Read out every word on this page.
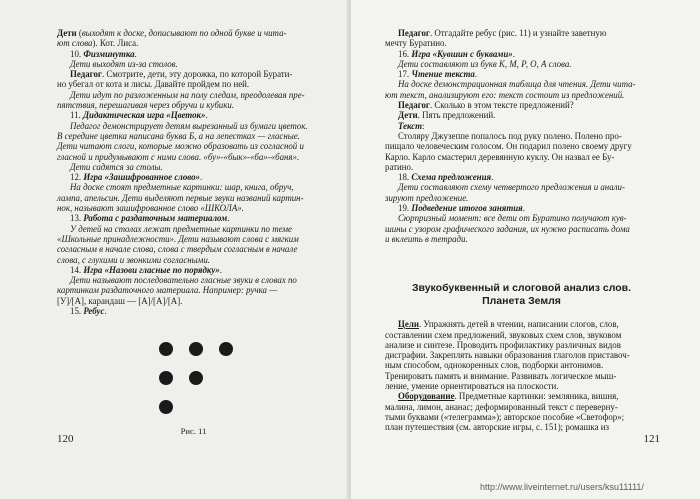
Дети (выходят к доске, дописывают по одной букве и чита-

ют слова). Кот. Лиса.

10. Физминутка.

Дети выходят из-за столов.

Педагог. Смотрите, дети, эту дорожка, по которой Бурати-

но убегал от кота и лисы. Давайте пройдем по ней.

Дети идут по разложенным на полу следам, преодолевая пре-

пятствия, перешагивая через обручи и кубики.

11. Дидактическая игра «Цветок».

Педагог демонстрирует детям вырезанный из бумаги цветок.

В середине цветка написана буква Б, а на лепестках — гласные.

Дети читают слоги, которые можно образовать из согласной и

гласной и придумывают с ними слова. «бу»-«бык»-«ба»-«баня».

Дети садятся за столы.

12. Игра «Зашифрованное слово».

На доске стоят предметные картинки: шар, книга, обруч,

лампа, апельсин. Дети выделяют первые звуки названий картин-

нок, называют зашифрованное слово «ШКОЛА».

13. Работа с раздаточным материалом.

У детей на столах лежат предметные картинки по теме

«Школьные принадлежности». Дети называют слова с мягким

согласным в начале слова, слова с твердым согласным в начале

слова, с глухими и звонкими согласными.

14. Игра «Назови гласные по порядку».

Дети называют последовательно гласные звуки в словах по

картинкам раздаточного материала. Например: ручка —

[У]/[А], карандаш — [А]/[А]/[А].

15. Ребус.

Рис. 11
120

Педагог. Отгадайте ребус (рис. 11) и узнайте заветную

мечту Буратино.

16. Игра «Кувшин с буквами».

Дети составляют из букв К, М, Р, О, А слова.

17. Чтение текста.

На доске демонстрационная таблица для чтения. Дети чита-

ют текст, анализируют его: текст состоит из предложений.

Педагог. Сколько в этом тексте предложений?

Дети. Пять предложений.

Текст:

Столяру Джузеппе попалось под руку полено. Полено про-

пищало человеческим голосом. Он подарил полено своему другу

Карло. Карло смастерил деревянную куклу. Он назвал ее Бу-

ратино.

18. Схема предложения.

Дети составляют схему четвертого предложения и анали-

зируют предложение.

19. Подведение итогов занятия.

Сюрпризный момент: все дети от Буратино получают кув-

шины с узором графического задания, их нужно расписать дома

и вклеить в тетради.

Звукобуквенный и слоговой анализ слов.
Планета Земля

Цели. Упражнять детей в чтении, написании слогов, слов,

составлении схем предложений, звуковых схем слов, звуковом

анализе и синтезе. Проводить профилактику различных видов

дисграфии. Закреплять навыки образования глаголов приставоч-

ным способом, однокоренных слов, подборки антонимов.

Тренировать память и внимание. Развивать логическое мыш-

ление, умение ориентироваться на плоскости.

Оборудование. Предметные картинки: земляника, вишня,

малина, лимон, ананас; деформированный текст с переверну-

тыми буквами («телеграмма»); авторское пособие «Светофор»;

план путешествия (см. авторские игры, с. 151); ромашка из

121
http://www.liveinternet.ru/users/ksu11111/
